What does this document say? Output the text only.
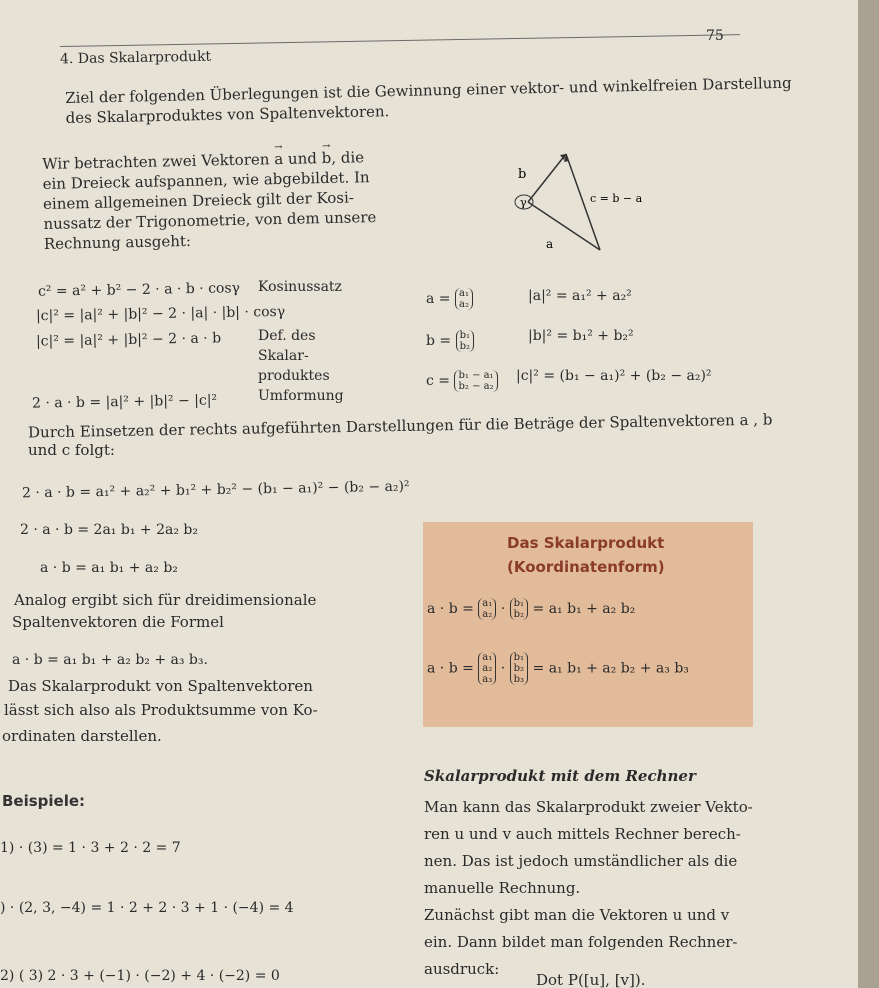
4. Das Skalarprodukt
75
Ziel der folgenden Überlegungen ist die Gewinnung einer vektor- und winkelfreien Darstellung
des Skalarproduktes von Spaltenvektoren.
Wir betrachten zwei Vektoren → a und → b, die
ein Dreieck aufspannen, wie abgebildet. In
einem allgemeinen Dreieck gilt der Kosi-
nussatz der Trigonometrie, von dem unsere
Rechnung ausgeht:
b
γ
a
c = b − a
c² = a² + b² − 2 · a · b · cosγ Kosinussatz
|c|² = |a|² + |b|² − 2 · |a| · |b| · cosγ
|c|² = |a|² + |b|² − 2 · a · b	Def. des
Skalar-
produktes
2 · a · b = |a|² + |b|² − |c|²	Umformung
a = a₁
a₂
|a|² = a₁² + a₂²
b = b₁
b₂
|b|² = b₁² + b₂²
c = b₁ − a₁
b₂ − a₂
|c|² = (b₁ − a₁)² + (b₂ − a₂)²
Durch Einsetzen der rechts aufgeführten Darstellungen für die Beträge der Spaltenvektoren a , b
und c folgt:
2 · a · b = a₁² + a₂² + b₁² + b₂² − (b₁ − a₁)² − (b₂ − a₂)²
2 · a · b = 2a₁ b₁ + 2a₂ b₂
a · b = a₁ b₁ + a₂ b₂
Analog ergibt sich für dreidimensionale
Spaltenvektoren die Formel
a · b = a₁ b₁ + a₂ b₂ + a₃ b₃.
Das Skalarprodukt von Spaltenvektoren
lässt sich also als Produktsumme von Ko-
ordinaten darstellen.
Das Skalarprodukt
(Koordinatenform)
a · b = a₁
a₂ · b₁
b₂ = a₁ b₁ + a₂ b₂
a · b = a₁
a₂
a₃ · b₁
b₂
b₃ = a₁ b₁ + a₂ b₂ + a₃ b₃
Beispiele:
1) · (3) = 1 · 3 + 2 · 2 = 7
) · (2, 3, −4) = 1 · 2 + 2 · 3 + 1 · (−4) = 4
2) ( 3) 2 · 3 + (−1) · (−2) + 4 · (−2) = 0
Skalarprodukt mit dem Rechner
Man kann das Skalarprodukt zweier Vekto-
ren u und v auch mittels Rechner berech-
nen. Das ist jedoch umständlicher als die
manuelle Rechnung.
Zunächst gibt man die Vektoren u und v
ein. Dann bildet man folgenden Rechner-
ausdruck:
Dot P([u], [v]).
